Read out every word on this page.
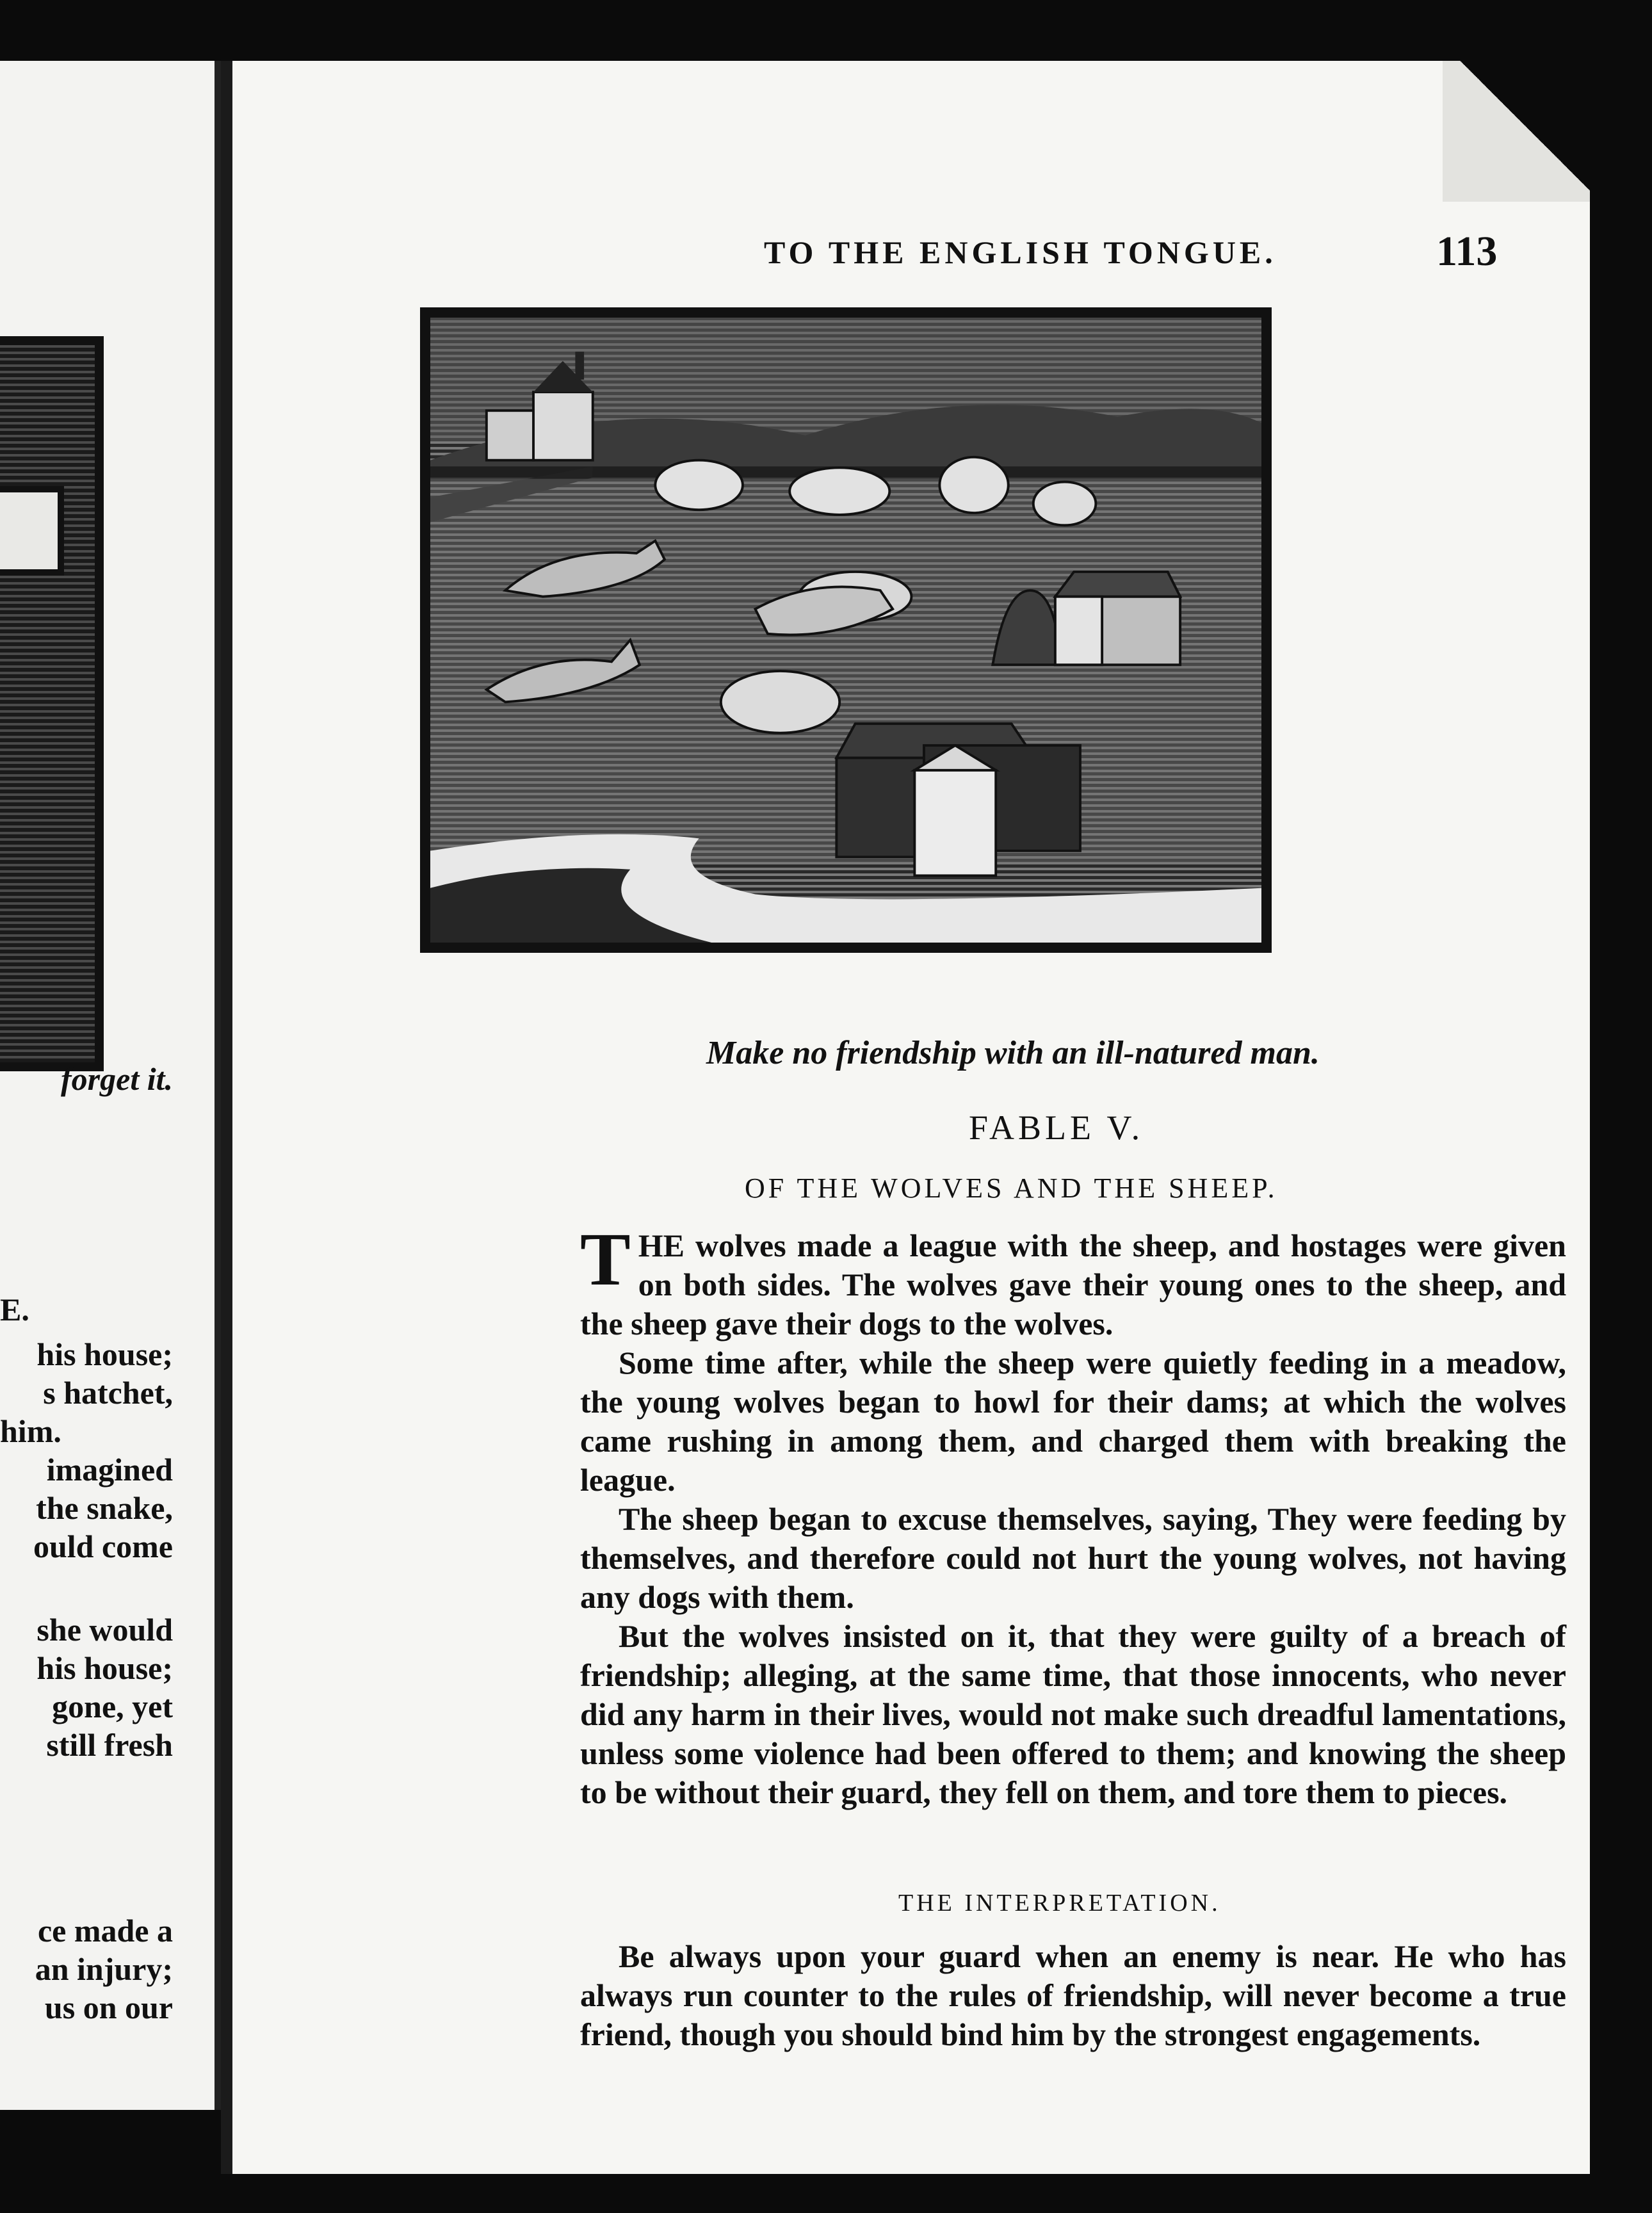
forget it.
E.
his house;
s hatchet,
him.
imagined
the snake,
ould come
she would
his house;
gone, yet
still fresh
ce made a
an injury;
us on our
TO THE ENGLISH TONGUE.	113
Make no friendship with an ill-natured man.
FABLE V.
OF THE WOLVES AND THE SHEEP.

THE wolves made a league with the sheep, and hostages were given on both sides. The wolves gave their young ones to the sheep, and the sheep gave their dogs to the wolves.

Some time after, while the sheep were quietly feeding in a meadow, the young wolves began to howl for their dams; at which the wolves came rushing in among them, and charged them with breaking the league.

The sheep began to excuse themselves, saying, They were feeding by themselves, and therefore could not hurt the young wolves, not having any dogs with them.

But the wolves insisted on it, that they were guilty of a breach of friendship; alleging, at the same time, that those innocents, who never did any harm in their lives, would not make such dreadful lamentations, unless some violence had been offered to them; and knowing the sheep to be without their guard, they fell on them, and tore them to pieces.

THE INTERPRETATION.

Be always upon your guard when an enemy is near. He who has always run counter to the rules of friendship, will never become a true friend, though you should bind him by the strongest engagements.
